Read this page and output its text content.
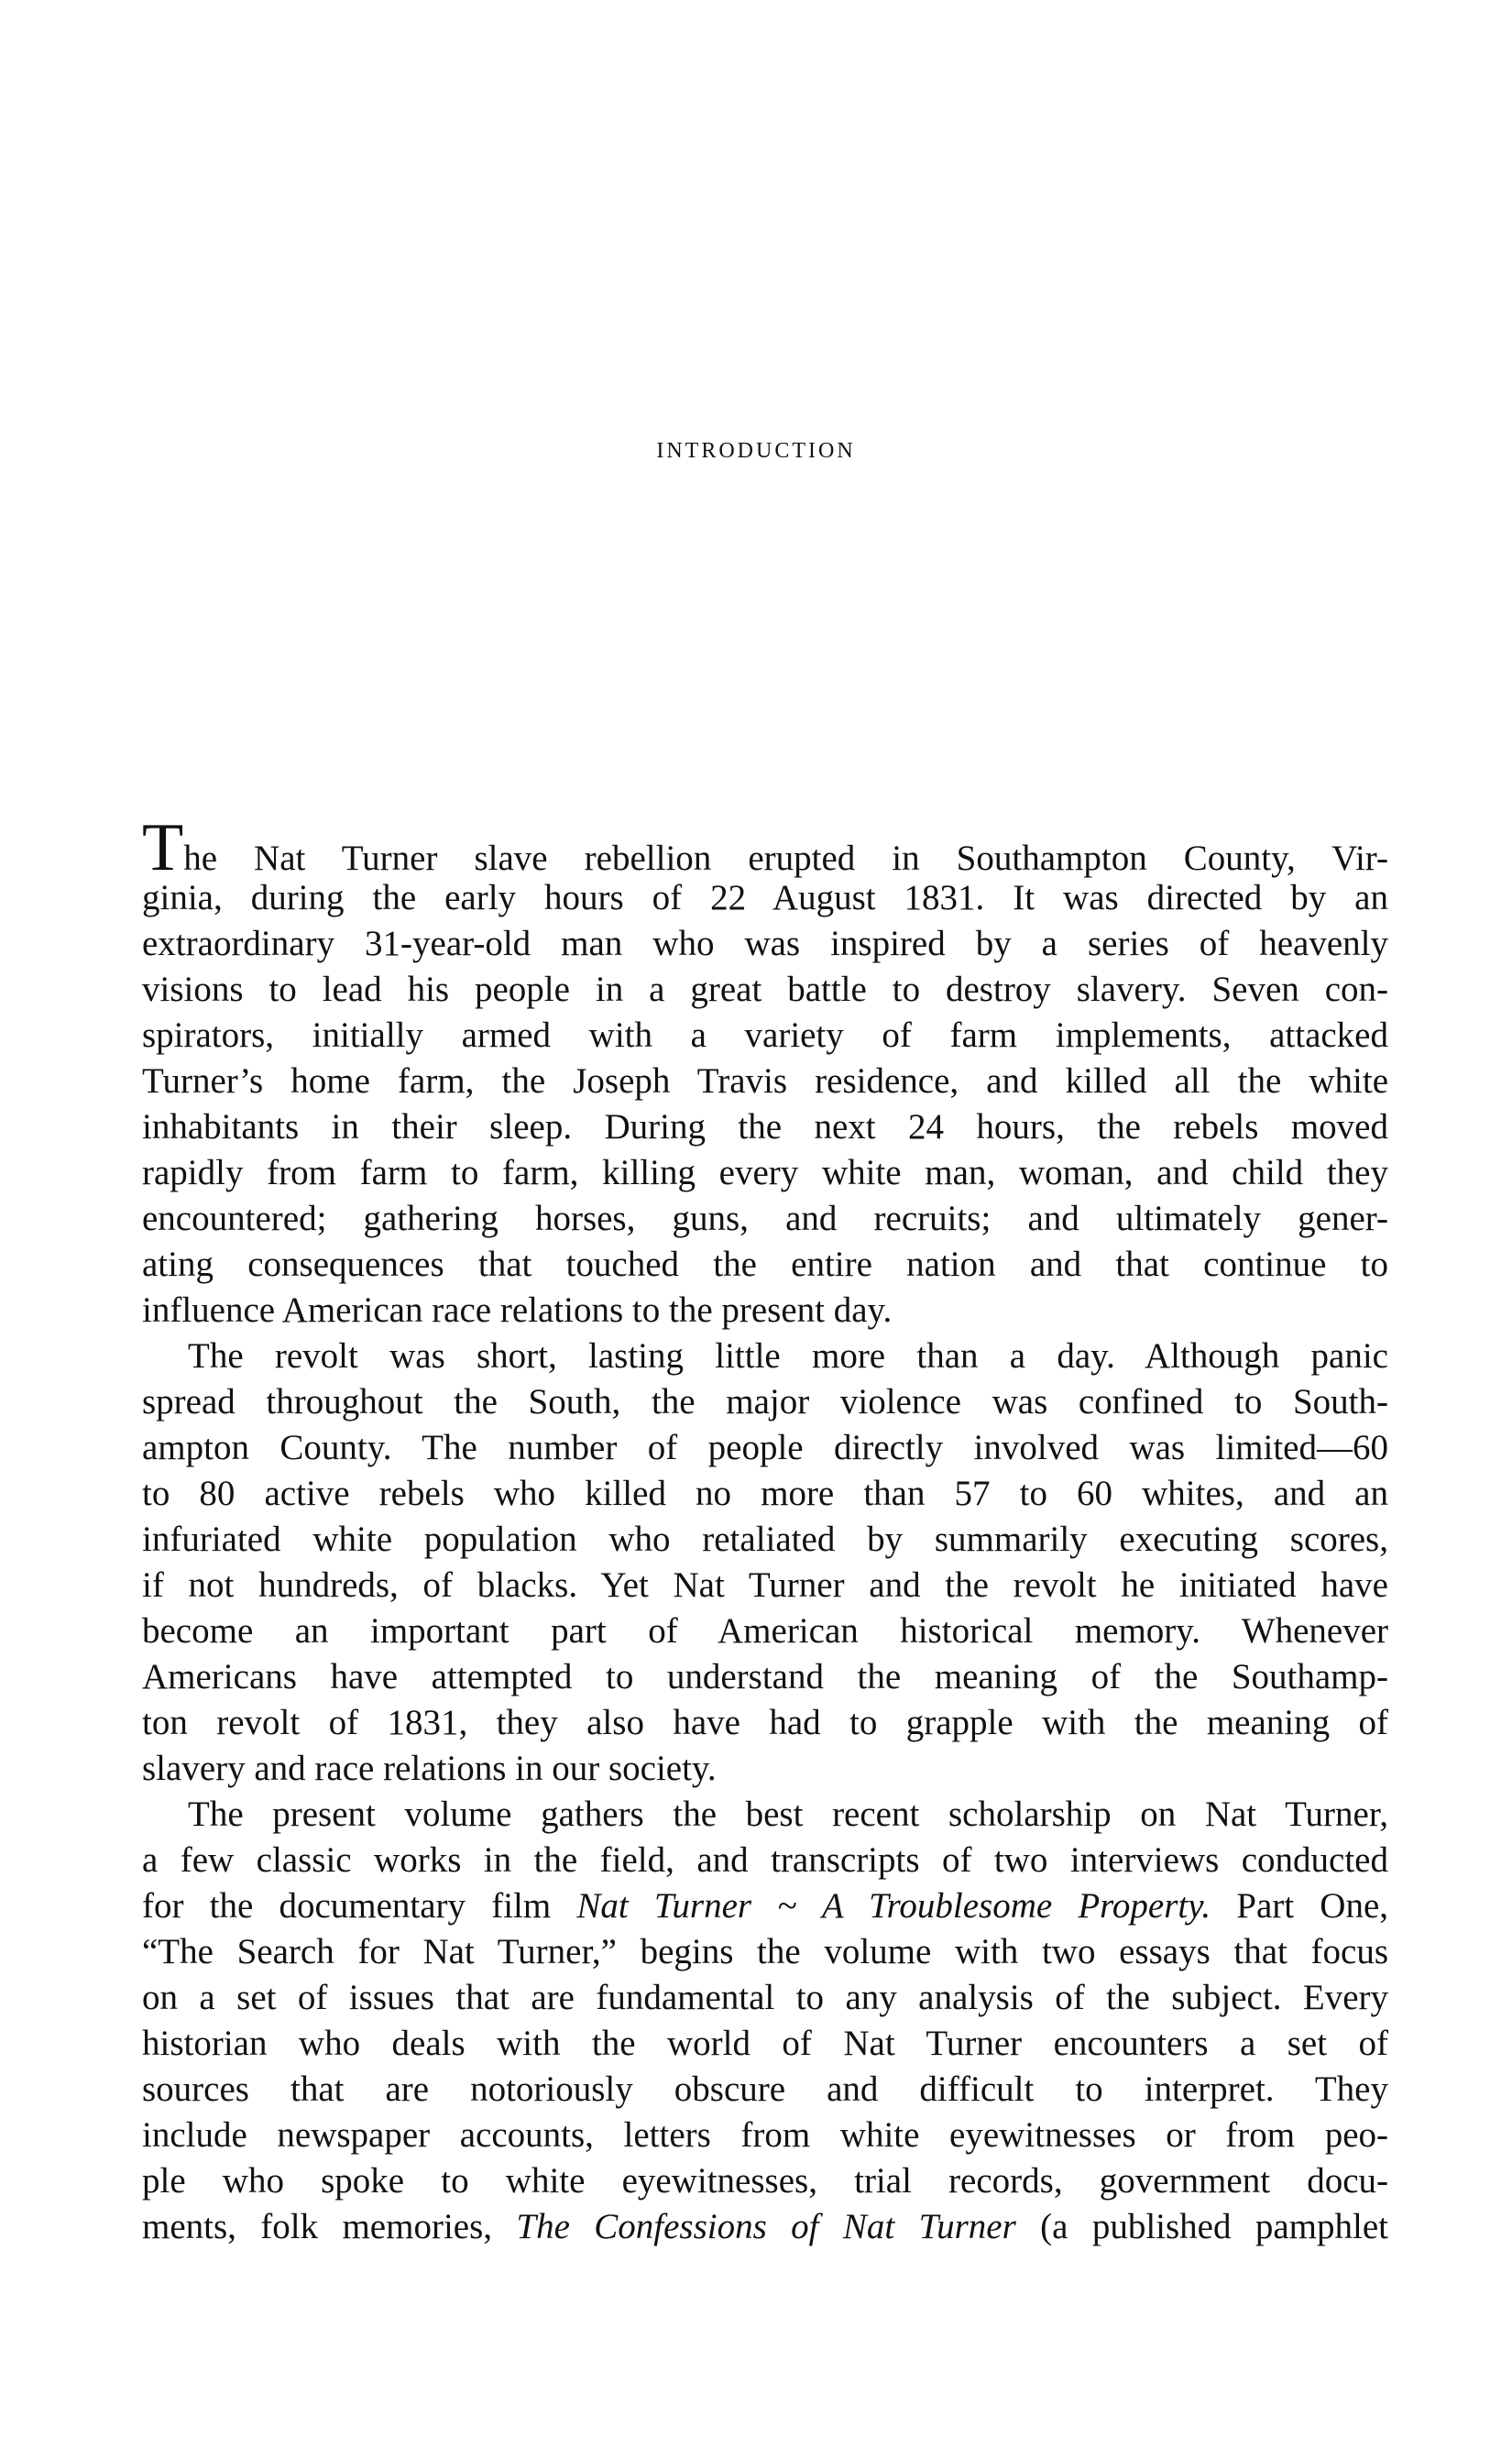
introduction
The Nat Turner slave rebellion erupted in Southampton County, Vir-
ginia, during the early hours of 22 August 1831. It was directed by an
extraordinary 31-year-old man who was inspired by a series of heavenly
visions to lead his people in a great battle to destroy slavery. Seven con-
spirators, initially armed with a variety of farm implements, attacked
Turner’s home farm, the Joseph Travis residence, and killed all the white
inhabitants in their sleep. During the next 24 hours, the rebels moved
rapidly from farm to farm, killing every white man, woman, and child they
encountered; gathering horses, guns, and recruits; and ultimately gener-
ating consequences that touched the entire nation and that continue to
influence American race relations to the present day.
The revolt was short, lasting little more than a day. Although panic
spread throughout the South, the major violence was confined to South-
ampton County. The number of people directly involved was limited—60
to 80 active rebels who killed no more than 57 to 60 whites, and an
infuriated white population who retaliated by summarily executing scores,
if not hundreds, of blacks. Yet Nat Turner and the revolt he initiated have
become an important part of American historical memory. Whenever
Americans have attempted to understand the meaning of the Southamp-
ton revolt of 1831, they also have had to grapple with the meaning of
slavery and race relations in our society.
The present volume gathers the best recent scholarship on Nat Turner,
a few classic works in the field, and transcripts of two interviews conducted
for the documentary film Nat Turner ~ A Troublesome Property. Part One,
“The Search for Nat Turner,” begins the volume with two essays that focus
on a set of issues that are fundamental to any analysis of the subject. Every
historian who deals with the world of Nat Turner encounters a set of
sources that are notoriously obscure and difficult to interpret. They
include newspaper accounts, letters from white eyewitnesses or from peo-
ple who spoke to white eyewitnesses, trial records, government docu-
ments, folk memories, The Confessions of Nat Turner (a published pamphlet
